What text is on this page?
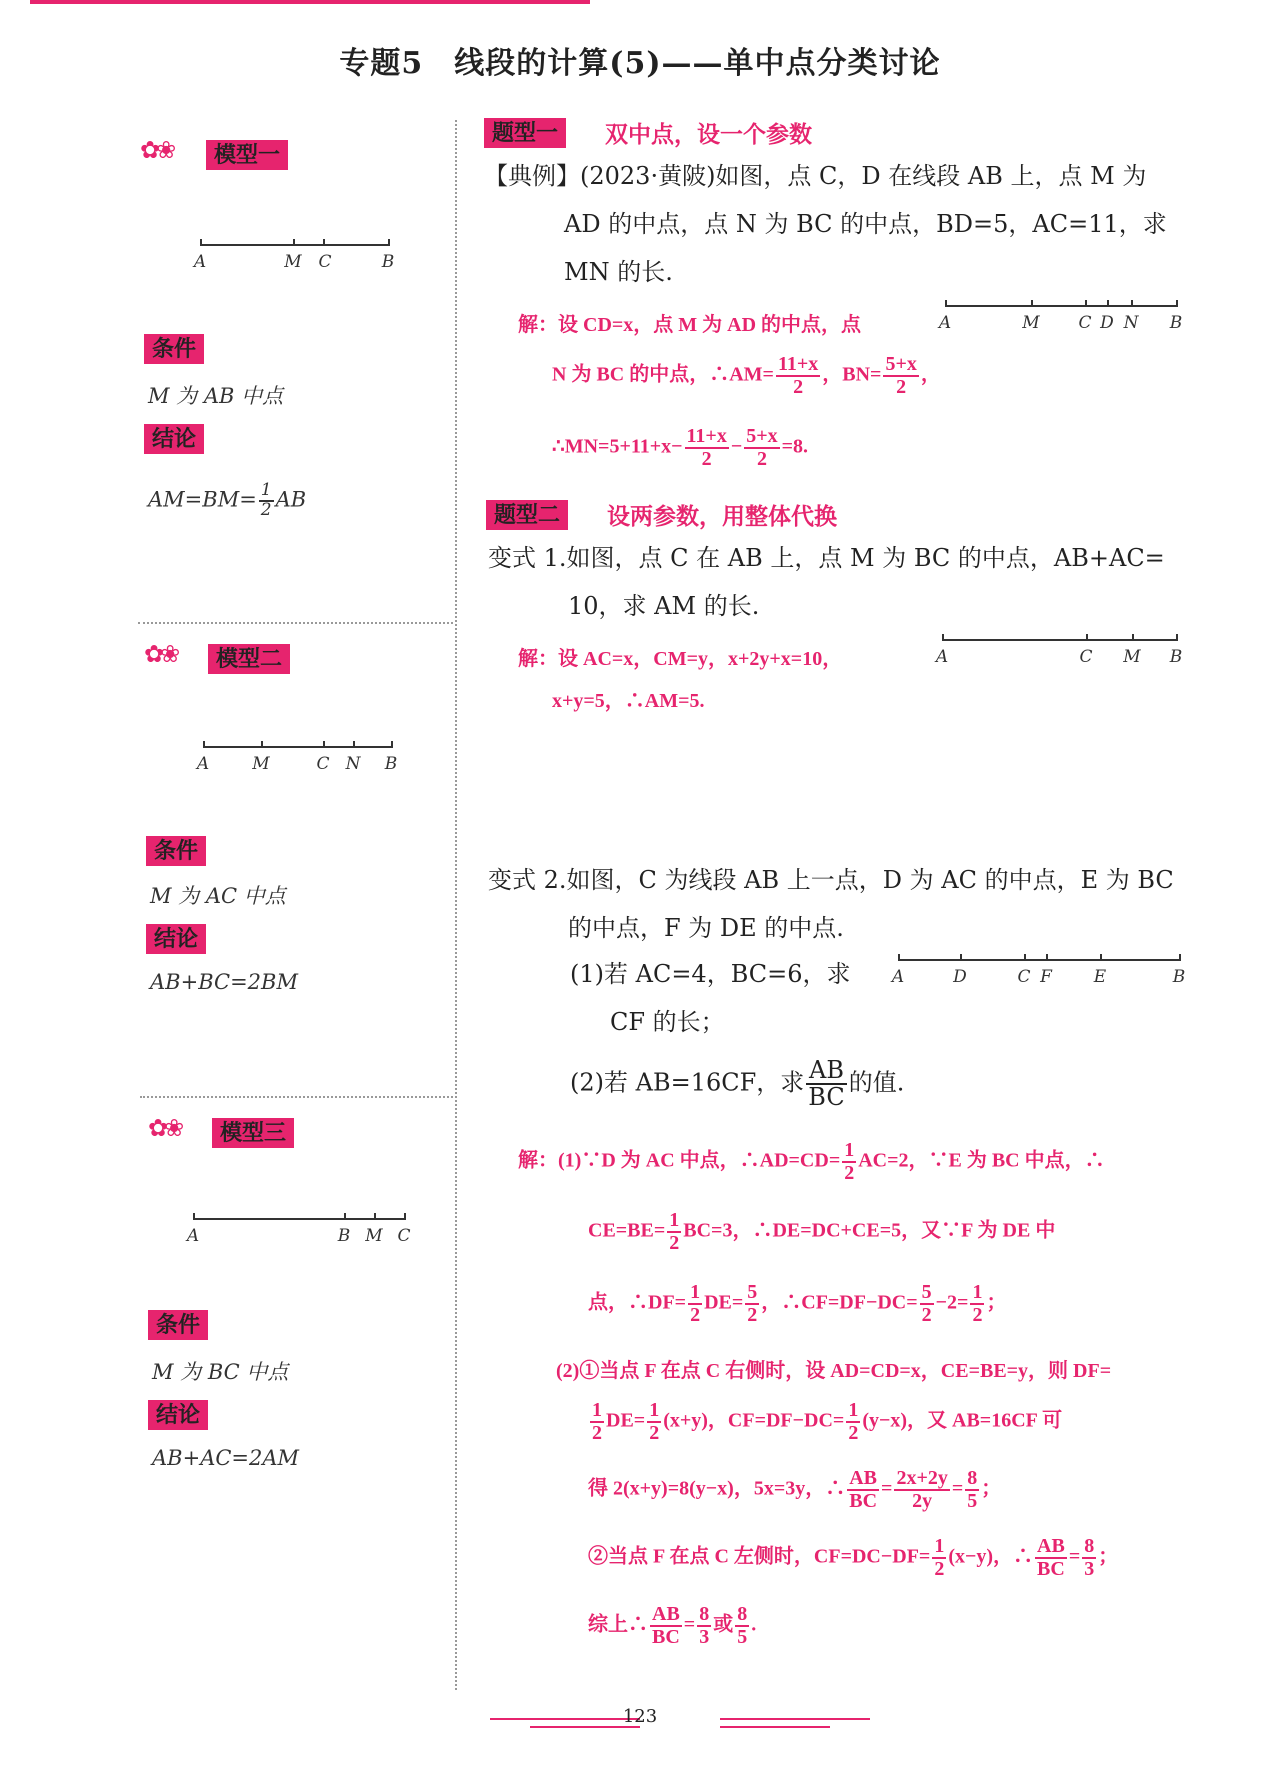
专题5　线段的计算(5)——单中点分类讨论
✿❀	模型一
A	M C	B
条件
M 为 AB 中点
结论
$AM=BM= \frac{1}{2}$ AB
✿❀	模型二
A	M	C N B
条件
M 为 AC 中点
结论
AB+BC=2BM
✿❀	模型三
A	B M C
条件
M 为 BC 中点
结论
AB+AC=2AM
题型一	双中点，设一个参数
【典例】(2023·黄陂)如图，点 C，D 在线段 AB 上，点 M 为
AD 的中点，点 N 为 BC 的中点，BD=5，AC=11，求
MN 的长.
A	M C D N B
解：设 CD=x，点 M 为 AD 的中点，点
N 为 BC 的中点，∴AM= $\frac{11+x}{2}$ ，$BN= \frac{5+x}{2}$ ，
∴MN=5+11+x− $\frac{11+x}{2} - \frac{5+x}{2} =8$.
题型二	设两参数，用整体代换
变式 1.如图，点 C 在 AB 上，点 M 为 BC 的中点，AB+AC=
10，求 AM 的长.
A	C M B
解：设 AC=x，CM=y，x+2y+x=10，
x+y=5，∴AM=5.
变式 2.如图，C 为线段 AB 上一点，D 为 AC 的中点，E 为 BC
的中点，F 为 DE 的中点.
(1)若 AC=4，BC=6，求
CF 的长；
(2)若 AB=16CF，求 $\frac{AB}{BC}$ 的值.
A	D	C F E	B
解：(1)∵D 为 AC 中点，∴AD=CD= $\frac{1}{2} AC=2$，∵E 为 BC 中点，∴
$CE=BE= \frac{1}{2} BC=3$，∴DE=DC+CE=5，又∵F 为 DE 中
点，∴DF= $\frac{1}{2} DE= \frac{5}{2}$ ，∴CF=DF−DC= $\frac{5}{2} -2= \frac{1}{2}$ ；
(2)①当点 F 在点 C 右侧时，设 AD=CD=x，CE=BE=y，则 DF=
$\frac{1}{2} DE= \frac{1}{2} (x+y)$，$CF=DF-DC= \frac{1}{2} (y-x)$，又 AB=16CF 可
得 2(x+y)=8(y−x)，5x=3y，∴ $\frac{AB}{BC} = \frac{2x+2y}{2y} = \frac{8}{5}$ ；
②当点 F 在点 C 左侧时，$CF=DC-DF= \frac{1}{2} (x-y)$，∴ $\frac{AB}{BC} = \frac{8}{3}$ ；
综上∴ $\frac{AB}{BC} = \frac{8}{3}$ 或 $\frac{8}{5}$ .
123
